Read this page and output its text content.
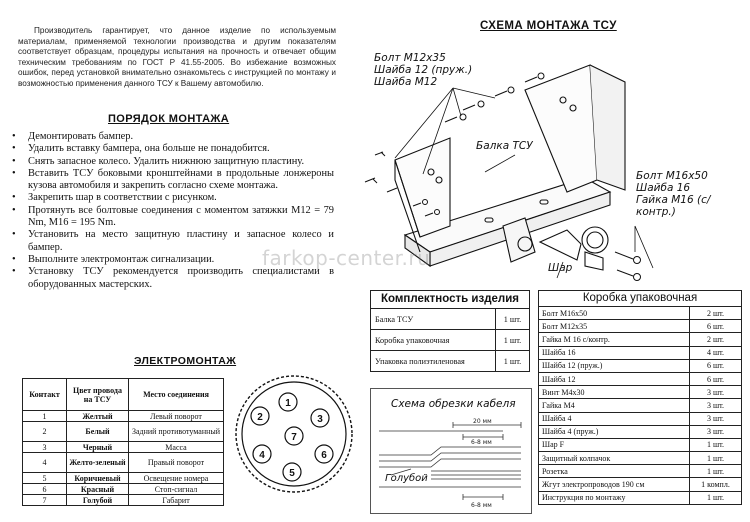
Производитель гарантирует, что данное изделие по используемым материалам, применяемой технологии производства и другим показателям соответствует образцам, процедуры испытания на прочность и отвечает общим техническим требованиям по ГОСТ Р 41.55-2005. Во избежание возможных ошибок, перед установкой внимательно ознакомьтесь с инструкцией по монтажу и возможностью применения данного ТСУ к Вашему автомобилю.

ПОРЯДОК МОНТАЖА
СХЕМА МОНТАЖА ТСУ
ЭЛЕКТРОМОНТАЖ
• Демонтировать бампер.
• Удалить вставку бампера, она больше не понадобится.
• Снять запасное колесо. Удалить нижнюю защитную пластину.
• Вставить ТСУ боковыми кронштейнами в продольные лонжероны кузова автомобиля и закрепить согласно схеме монтажа.
• Закрепить шар в соответствии с рисунком.
• Протянуть все болтовые соединения с моментом затяжки М12 = 79 Nm, М16 = 195 Nm.
• Установить на место защитную пластину и запасное колесо и бампер.
• Выполните электромонтаж сигнализации.
• Установку ТСУ рекомендуется производить специалистами в оборудованных мастерских.
Болт М12х35
Шайба 12 (пруж.)
Шайба М12
Балка ТСУ
Болт М16х50
Шайба 16
Гайка М16 (с/ контр.)
Шар
farkop-center.ru
Контакт	Цвет провода на ТСУ	Место соединения
1	Желтый	Левый поворот
2	Белый	Задний противотуманный
3	Черный	Масса
4	Желто-зеленый	Правый поворот
5	Коричневый	Освещение номера
6	Красный	Стоп-сигнал
7	Голубой	Габарит
1
2
4
5
6
3
7
Комплектность изделия
Балка ТСУ	1 шт.
Коробка упаковочная	1 шт.
Упаковка полиэтиленовая	1 шт.
Схема обрезки кабеля
20 мм
6-8 мм
6-8 мм
Голубой
Коробка упаковочная
Болт М16х50	2 шт.
Болт М12х35	6 шт.
Гайка М 16 с/контр.	2 шт.
Шайба 16	4 шт.
Шайба 12 (пруж.)	6 шт.
Шайба 12	6 шт.
Винт М4х30	3 шт.
Гайка М4	3 шт.
Шайба 4	3 шт.
Шайба 4 (пруж.)	3 шт.
Шар F	1 шт.
Защитный колпачок	1 шт.
Розетка	1 шт.
Жгут электропроводов 190 см	1 компл.
Инструкция по монтажу	1 шт.
